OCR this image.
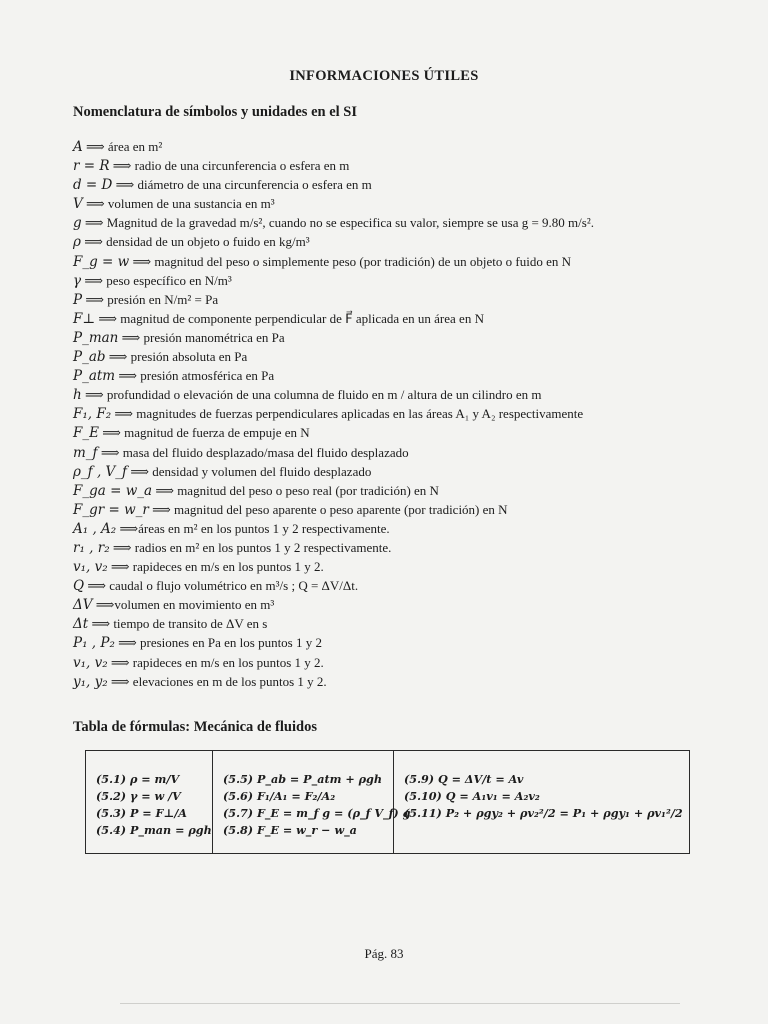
INFORMACIONES ÚTILES
Nomenclatura de símbolos y unidades en el SI
A ⟹ área en m²
r = R ⟹ radio de una circunferencia o esfera en m
d = D ⟹ diámetro de una circunferencia o esfera en m
V ⟹ volumen de una sustancia en m³
g ⟹ Magnitud de la gravedad m/s², cuando no se especifica su valor, siempre se usa g = 9.80 m/s².
ρ ⟹ densidad de un objeto o fuido en kg/m³
F_g = w ⟹ magnitud del peso o simplemente peso (por tradición) de un objeto o fuido en N
γ ⟹ peso específico en N/m³
P ⟹ presión en N/m² = Pa
F⊥ ⟹ magnitud de componente perpendicular de F⃗ aplicada en un área en N
P_man ⟹ presión manométrica en Pa
P_ab ⟹ presión absoluta en Pa
P_atm ⟹ presión atmosférica en Pa
h ⟹ profundidad o elevación de una columna de fluido en m / altura de un cilindro en m
F₁, F₂ ⟹ magnitudes de fuerzas perpendiculares aplicadas en las áreas A₁ y A₂ respectivamente
F_E ⟹ magnitud de fuerza de empuje en N
m_f ⟹ masa del fluido desplazado/masa del fluido desplazado
ρ_f , V_f ⟹ densidad y volumen del fluido desplazado
F_ga = w_a ⟹ magnitud del peso o peso real (por tradición) en N
F_gr = w_r ⟹ magnitud del peso aparente o peso aparente (por tradición) en N
A₁ , A₂ ⟹áreas en m² en los puntos 1 y 2 respectivamente.
r₁ , r₂ ⟹ radios en m² en los puntos 1 y 2 respectivamente.
v₁, v₂ ⟹ rapideces en m/s en los puntos 1 y 2.
Q ⟹ caudal o flujo volumétrico en m³/s ; Q = ΔV/Δt.
ΔV ⟹volumen en movimiento en m³
Δt ⟹ tiempo de transito de ΔV en s
P₁ , P₂ ⟹ presiones en Pa en los puntos 1 y 2
v₁, v₂ ⟹ rapideces en m/s en los puntos 1 y 2.
y₁, y₂ ⟹ elevaciones en m de los puntos 1 y 2.
Tabla de fórmulas: Mecánica de fluidos
(5.1) ρ = m/V
(5.2) γ = w /V
(5.3) P = F⊥/A
(5.4) P_man = ρgh
(5.5) P_ab = P_atm + ρgh
(5.6) F₁/A₁ = F₂/A₂
(5.7) F_E = m_f g = (ρ_f V_f) g
(5.8) F_E = w_r − w_a
(5.9) Q = ΔV/t = Av
(5.10) Q = A₁v₁ = A₂v₂
(5.11) P₂ + ρgy₂ + ρv₂²/2 = P₁ + ρgy₁ + ρv₁²/2
Pág. 83
